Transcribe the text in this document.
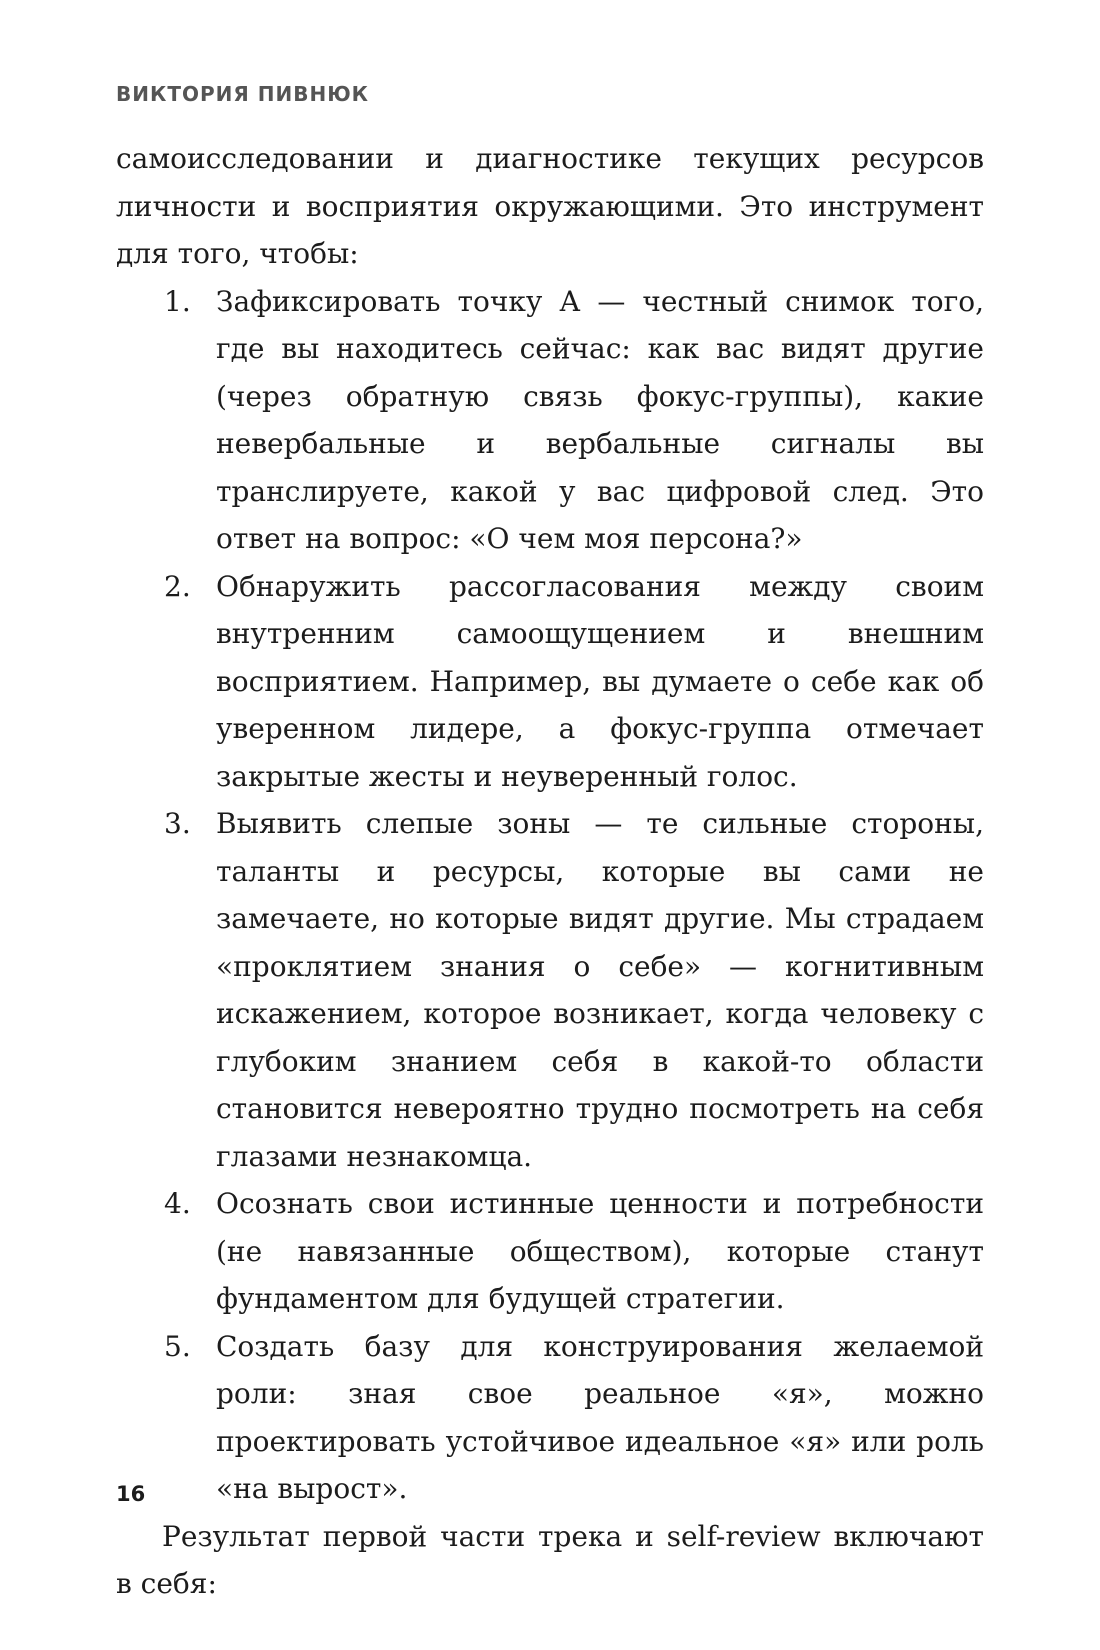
ВИКТОРИЯ ПИВНЮК

самоисследовании и диагностике текущих ресурсов личности и восприятия окружающими. Это инструмент для того, чтобы:

1. Зафиксировать точку А — честный снимок того, где вы находитесь сейчас: как вас видят другие (через обратную связь фокус-группы), какие невербальные и вербальные сигналы вы транслируете, какой у вас цифровой след. Это ответ на вопрос: «О чем моя персона?»
2. Обнаружить рассогласования между своим внутренним самоощущением и внешним восприятием. Например, вы думаете о себе как об уверенном лидере, а фокус-группа отмечает закрытые жесты и неуверенный голос.
3. Выявить слепые зоны — те сильные стороны, таланты и ресурсы, которые вы сами не замечаете, но которые видят другие. Мы страдаем «проклятием знания о себе» — когнитивным искажением, которое возникает, когда человеку с глубоким знанием себя в какой-то области становится невероятно трудно посмотреть на себя глазами незнакомца.
4. Осознать свои истинные ценности и потребности (не навязанные обществом), которые станут фундаментом для будущей стратегии.
5. Создать базу для конструирования желаемой роли: зная свое реальное «я», можно проектировать устойчивое идеальное «я» или роль «на вырост».

Результат первой части трека и self-review включают в себя:

16
